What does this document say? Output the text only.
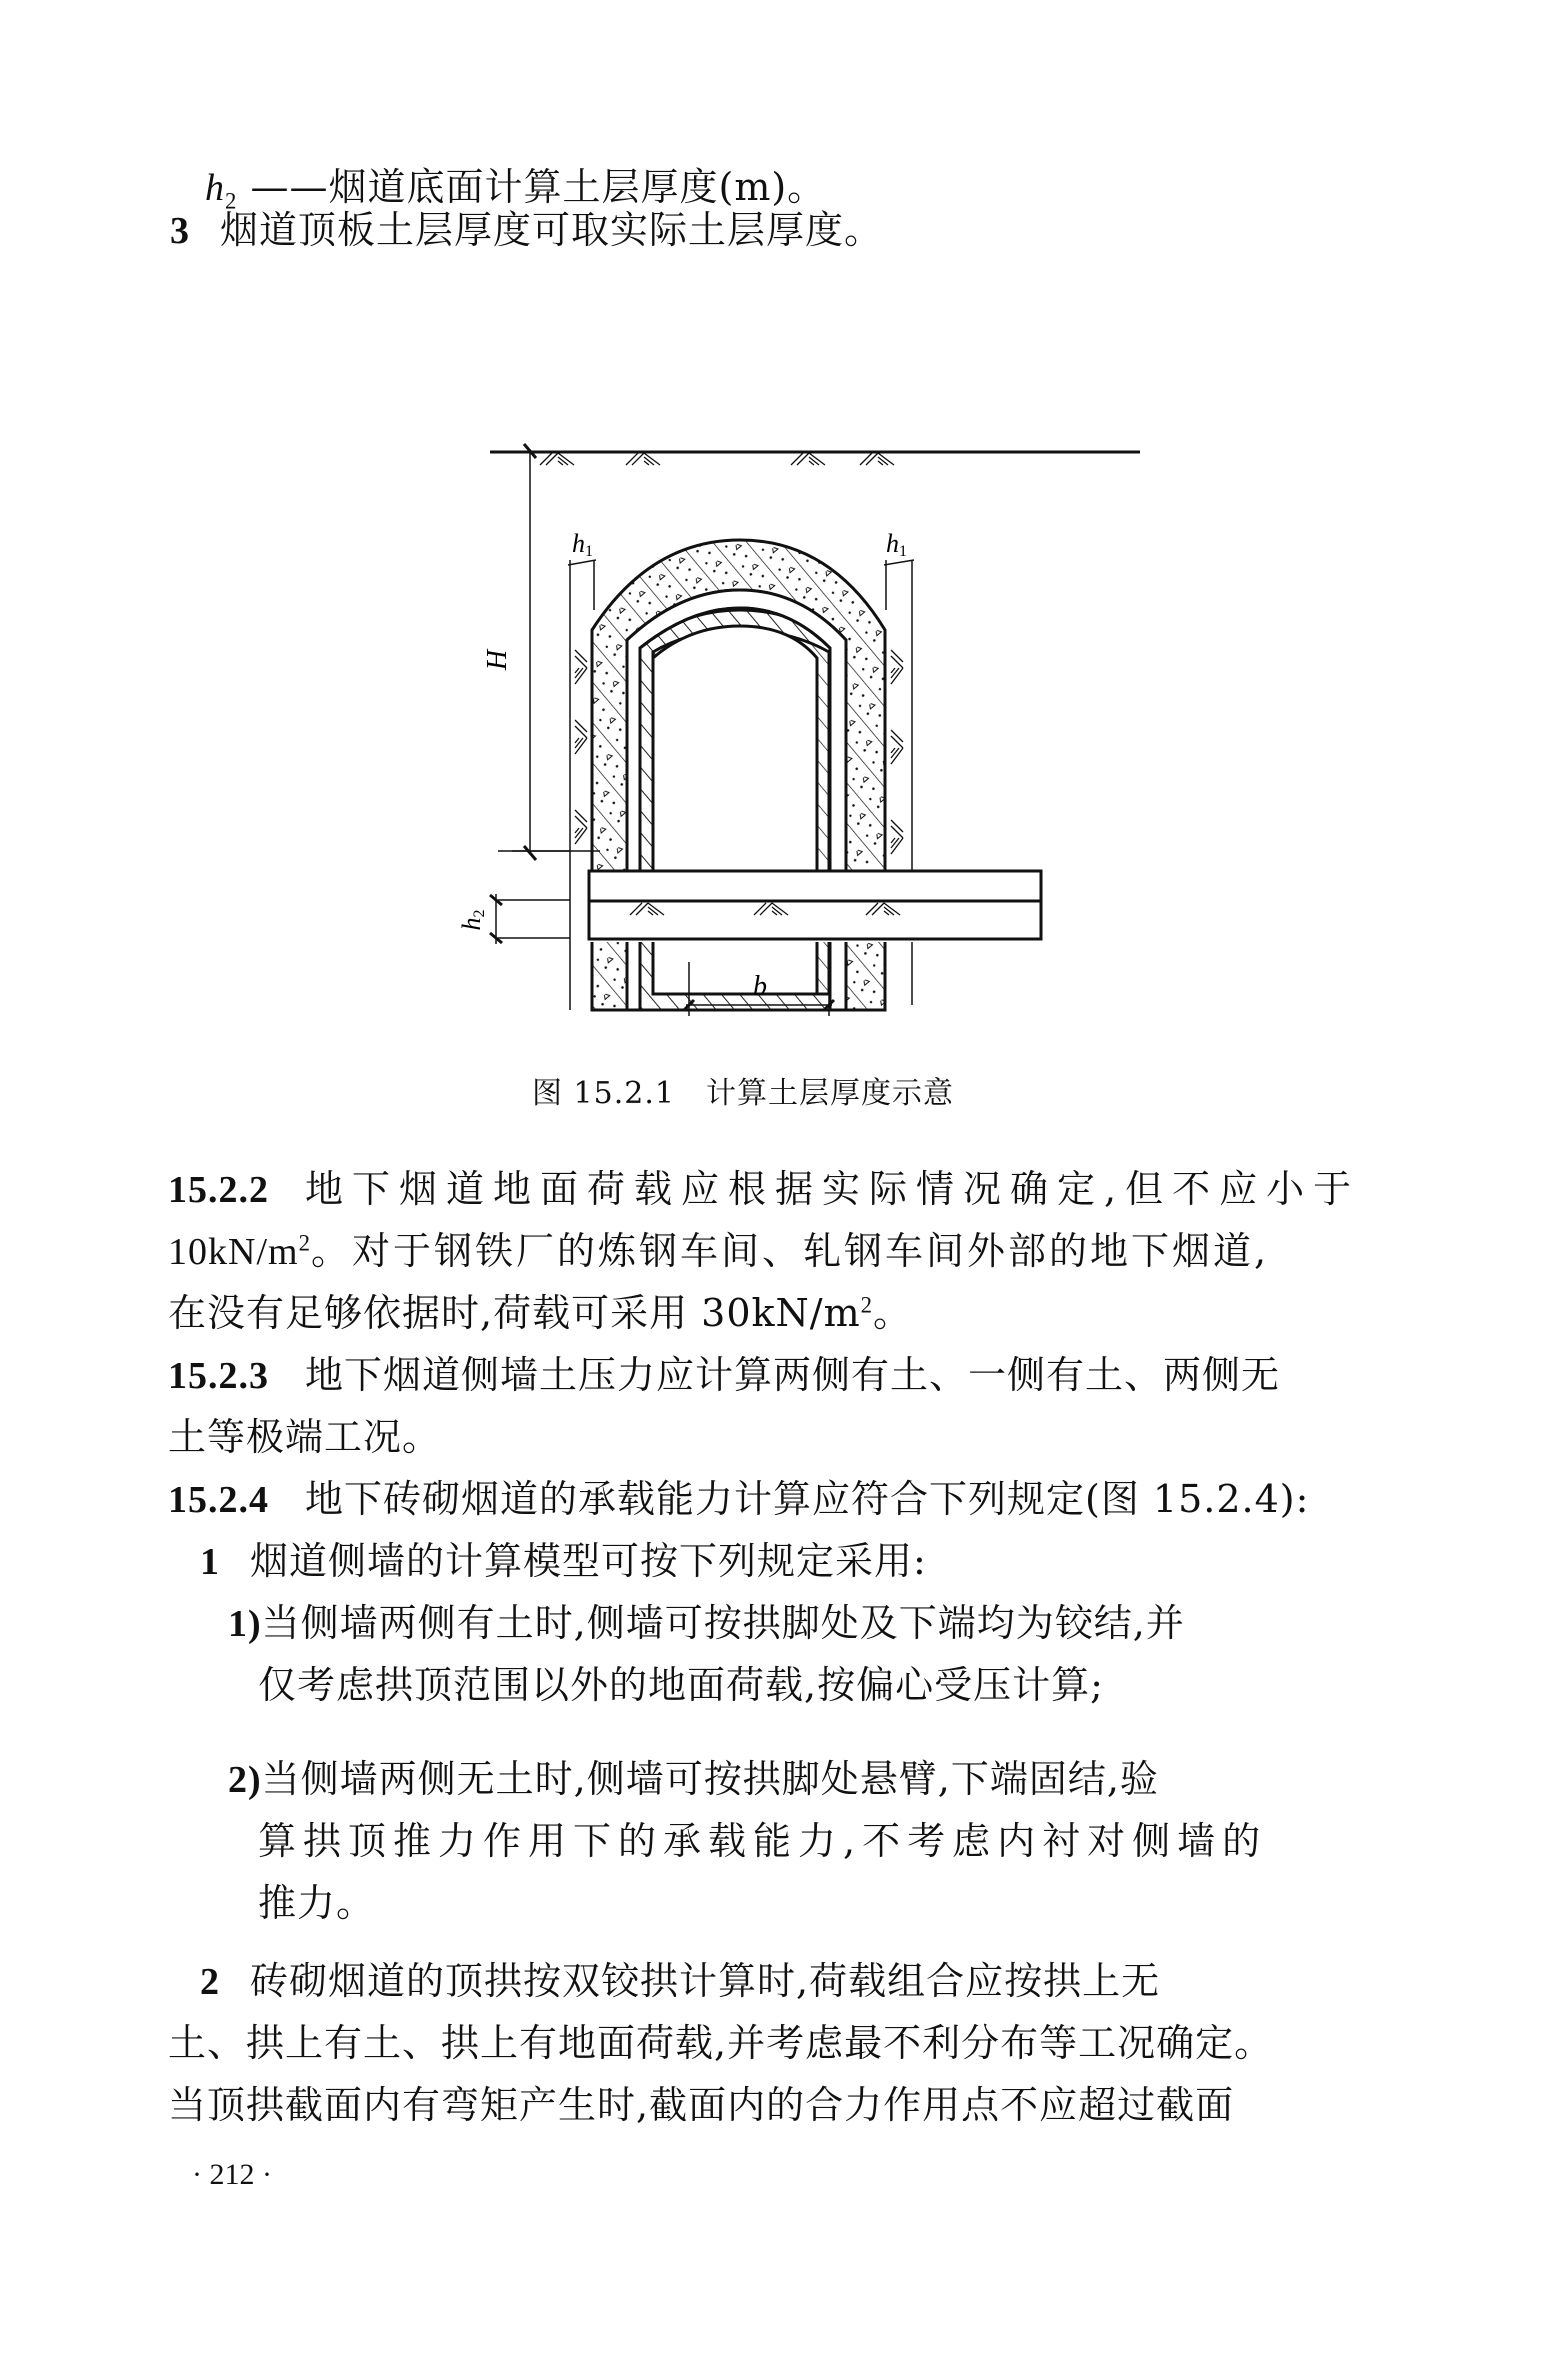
$h_2$ ——烟道底面计算土层厚度(m)。
3 烟道顶板土层厚度可取实际土层厚度。
H
h1	h1
h2
b
图 15.2.1　计算土层厚度示意
15.2.2 地下烟道地面荷载应根据实际情况确定,但不应小于
$10kN/m^2$。对于钢铁厂的炼钢车间、轧钢车间外部的地下烟道,
在没有足够依据时,荷载可采用 $30kN/m^2$。
15.2.3 地下烟道侧墙土压力应计算两侧有土、一侧有土、两侧无
土等极端工况。
15.2.4 地下砖砌烟道的承载能力计算应符合下列规定(图 15.2.4):
1 烟道侧墙的计算模型可按下列规定采用:
1)当侧墙两侧有土时,侧墙可按拱脚处及下端均为铰结,并
仅考虑拱顶范围以外的地面荷载,按偏心受压计算;
2)当侧墙两侧无土时,侧墙可按拱脚处悬臂,下端固结,验
算拱顶推力作用下的承载能力,不考虑内衬对侧墙的
推力。
2 砖砌烟道的顶拱按双铰拱计算时,荷载组合应按拱上无
土、拱上有土、拱上有地面荷载,并考虑最不利分布等工况确定。
当顶拱截面内有弯矩产生时,截面内的合力作用点不应超过截面
· 212 ·
